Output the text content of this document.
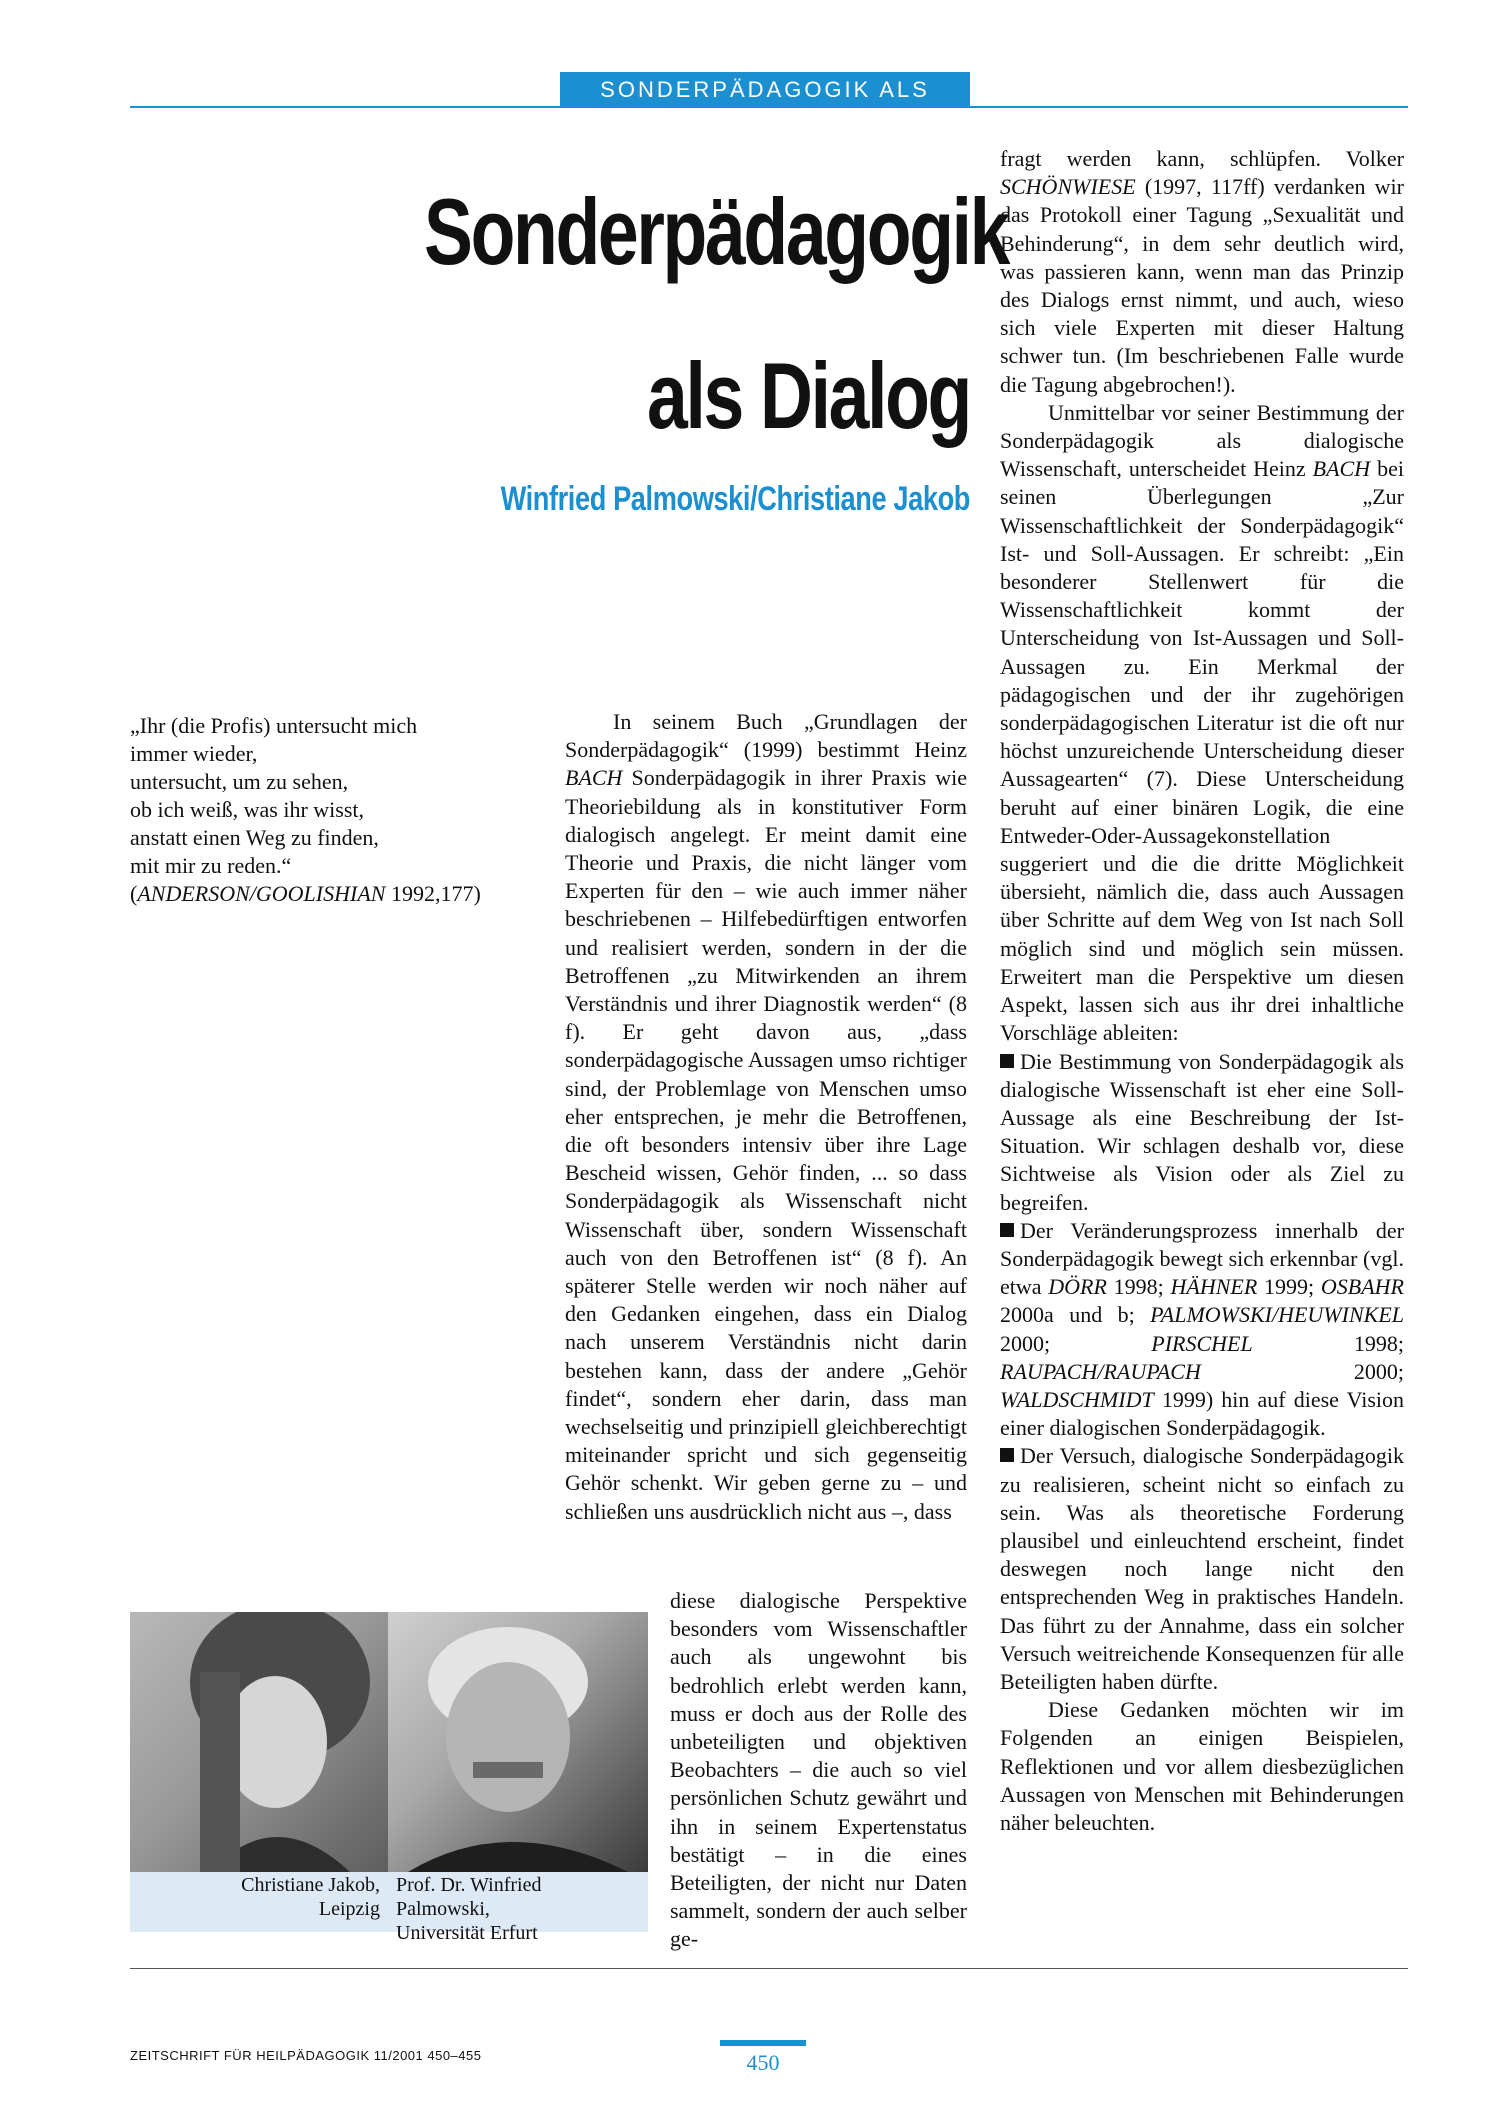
SONDERPÄDAGOGIK ALS DIALOG
Sonderpädagogik
als Dialog
Winfried Palmowski/Christiane Jakob
„Ihr (die Profis) untersucht mich
immer wieder,
untersucht, um zu sehen,
ob ich weiß, was ihr wisst,
anstatt einen Weg zu finden,
mit mir zu reden.“
(ANDERSON/GOOLISHIAN 1992,177)

In seinem Buch „Grundlagen der Sonderpädagogik“ (1999) bestimmt Heinz BACH Sonderpädagogik in ihrer Praxis wie Theoriebildung als in konstitutiver Form dialogisch angelegt. Er meint damit eine Theorie und Praxis, die nicht länger vom Experten für den – wie auch immer näher beschriebenen – Hilfebedürftigen entworfen und realisiert werden, sondern in der die Betroffenen „zu Mitwirkenden an ihrem Verständnis und ihrer Diagnostik werden“ (8 f). Er geht davon aus, „dass sonderpädagogische Aussagen umso richtiger sind, der Problemlage von Menschen umso eher entsprechen, je mehr die Betroffenen, die oft besonders intensiv über ihre Lage Bescheid wissen, Gehör finden, ... so dass Sonderpädagogik als Wissenschaft nicht Wissenschaft über, sondern Wissenschaft auch von den Betroffenen ist“ (8 f). An späterer Stelle werden wir noch näher auf den Gedanken eingehen, dass ein Dialog nach unserem Verständnis nicht darin bestehen kann, dass der andere „Gehör findet“, sondern eher darin, dass man wechselseitig und prinzipiell gleichberechtigt miteinander spricht und sich gegenseitig Gehör schenkt. Wir geben gerne zu – und schließen uns ausdrücklich nicht aus –, dass

diese dialogische Perspektive besonders vom Wissenschaftler auch als ungewohnt bis bedrohlich erlebt werden kann, muss er doch aus der Rolle des unbeteiligten und objektiven Beobachters – die auch so viel persönlichen Schutz gewährt und ihn in seinem Expertenstatus bestätigt – in die eines Beteiligten, der nicht nur Daten sammelt, sondern der auch selber ge-

fragt werden kann, schlüpfen. Volker SCHÖNWIESE (1997, 117ff) verdanken wir das Protokoll einer Tagung „Sexualität und Behinderung“, in dem sehr deutlich wird, was passieren kann, wenn man das Prinzip des Dialogs ernst nimmt, und auch, wieso sich viele Experten mit dieser Haltung schwer tun. (Im beschriebenen Falle wurde die Tagung abgebrochen!).

Unmittelbar vor seiner Bestimmung der Sonderpädagogik als dialogische Wissenschaft, unterscheidet Heinz BACH bei seinen Überlegungen „Zur Wissenschaftlichkeit der Sonderpädagogik“ Ist- und Soll-Aussagen. Er schreibt: „Ein besonderer Stellenwert für die Wissenschaftlichkeit kommt der Unterscheidung von Ist-Aussagen und Soll-Aussagen zu. Ein Merkmal der pädagogischen und der ihr zugehörigen sonderpädagogischen Literatur ist die oft nur höchst unzureichende Unterscheidung dieser Aussagearten“ (7). Diese Unterscheidung beruht auf einer binären Logik, die eine Entweder-Oder-Aussagekonstellation suggeriert und die die dritte Möglichkeit übersieht, nämlich die, dass auch Aussagen über Schritte auf dem Weg von Ist nach Soll möglich sind und möglich sein müssen. Erweitert man die Perspektive um diesen Aspekt, lassen sich aus ihr drei inhaltliche Vorschläge ableiten:

Die Bestimmung von Sonderpädagogik als dialogische Wissenschaft ist eher eine Soll-Aussage als eine Beschreibung der Ist-Situation. Wir schlagen deshalb vor, diese Sichtweise als Vision oder als Ziel zu begreifen.

Der Veränderungsprozess innerhalb der Sonderpädagogik bewegt sich erkennbar (vgl. etwa DÖRR 1998; HÄHNER 1999; OSBAHR 2000a und b; PALMOWSKI/HEUWINKEL 2000; PIRSCHEL 1998; RAUPACH/RAUPACH 2000; WALDSCHMIDT 1999) hin auf diese Vision einer dialogischen Sonderpädagogik.

Der Versuch, dialogische Sonderpädagogik zu realisieren, scheint nicht so einfach zu sein. Was als theoretische Forderung plausibel und einleuchtend erscheint, findet deswegen noch lange nicht den entsprechenden Weg in praktisches Handeln. Das führt zu der Annahme, dass ein solcher Versuch weitreichende Konsequenzen für alle Beteiligten haben dürfte.

Diese Gedanken möchten wir im Folgenden an einigen Beispielen, Reflektionen und vor allem diesbezüglichen Aussagen von Menschen mit Behinderungen näher beleuchten.

Christiane Jakob,
Leipzig
Prof. Dr. Winfried
Palmowski,
Universität Erfurt
ZEITSCHRIFT FÜR HEILPÄDAGOGIK 11/2001 450–455	450
